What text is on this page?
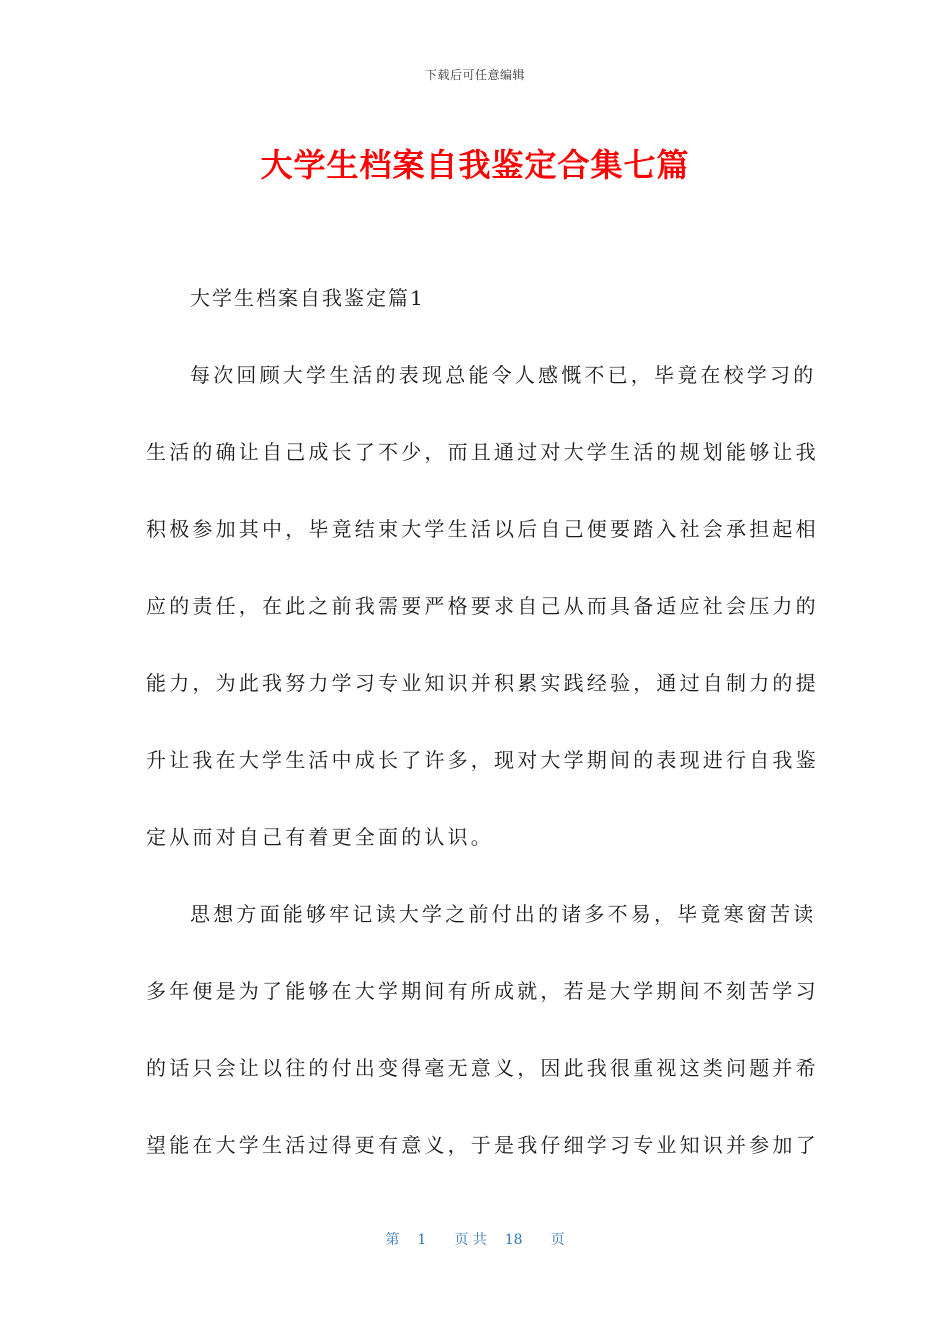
下载后可任意编辑
大学生档案自我鉴定合集七篇
大学生档案自我鉴定篇1
每次回顾大学生活的表现总能令人感慨不已，毕竟在校学习的
生活的确让自己成长了不少，而且通过对大学生活的规划能够让我
积极参加其中，毕竟结束大学生活以后自己便要踏入社会承担起相
应的责任，在此之前我需要严格要求自己从而具备适应社会压力的
能力，为此我努力学习专业知识并积累实践经验，通过自制力的提
升让我在大学生活中成长了许多，现对大学期间的表现进行自我鉴
定从而对自己有着更全面的认识。
思想方面能够牢记读大学之前付出的诸多不易，毕竟寒窗苦读
多年便是为了能够在大学期间有所成就，若是大学期间不刻苦学习
的话只会让以往的付出变得毫无意义，因此我很重视这类问题并希
望能在大学生活过得更有意义，于是我仔细学习专业知识并参加了
第 1 页 共 18 页
